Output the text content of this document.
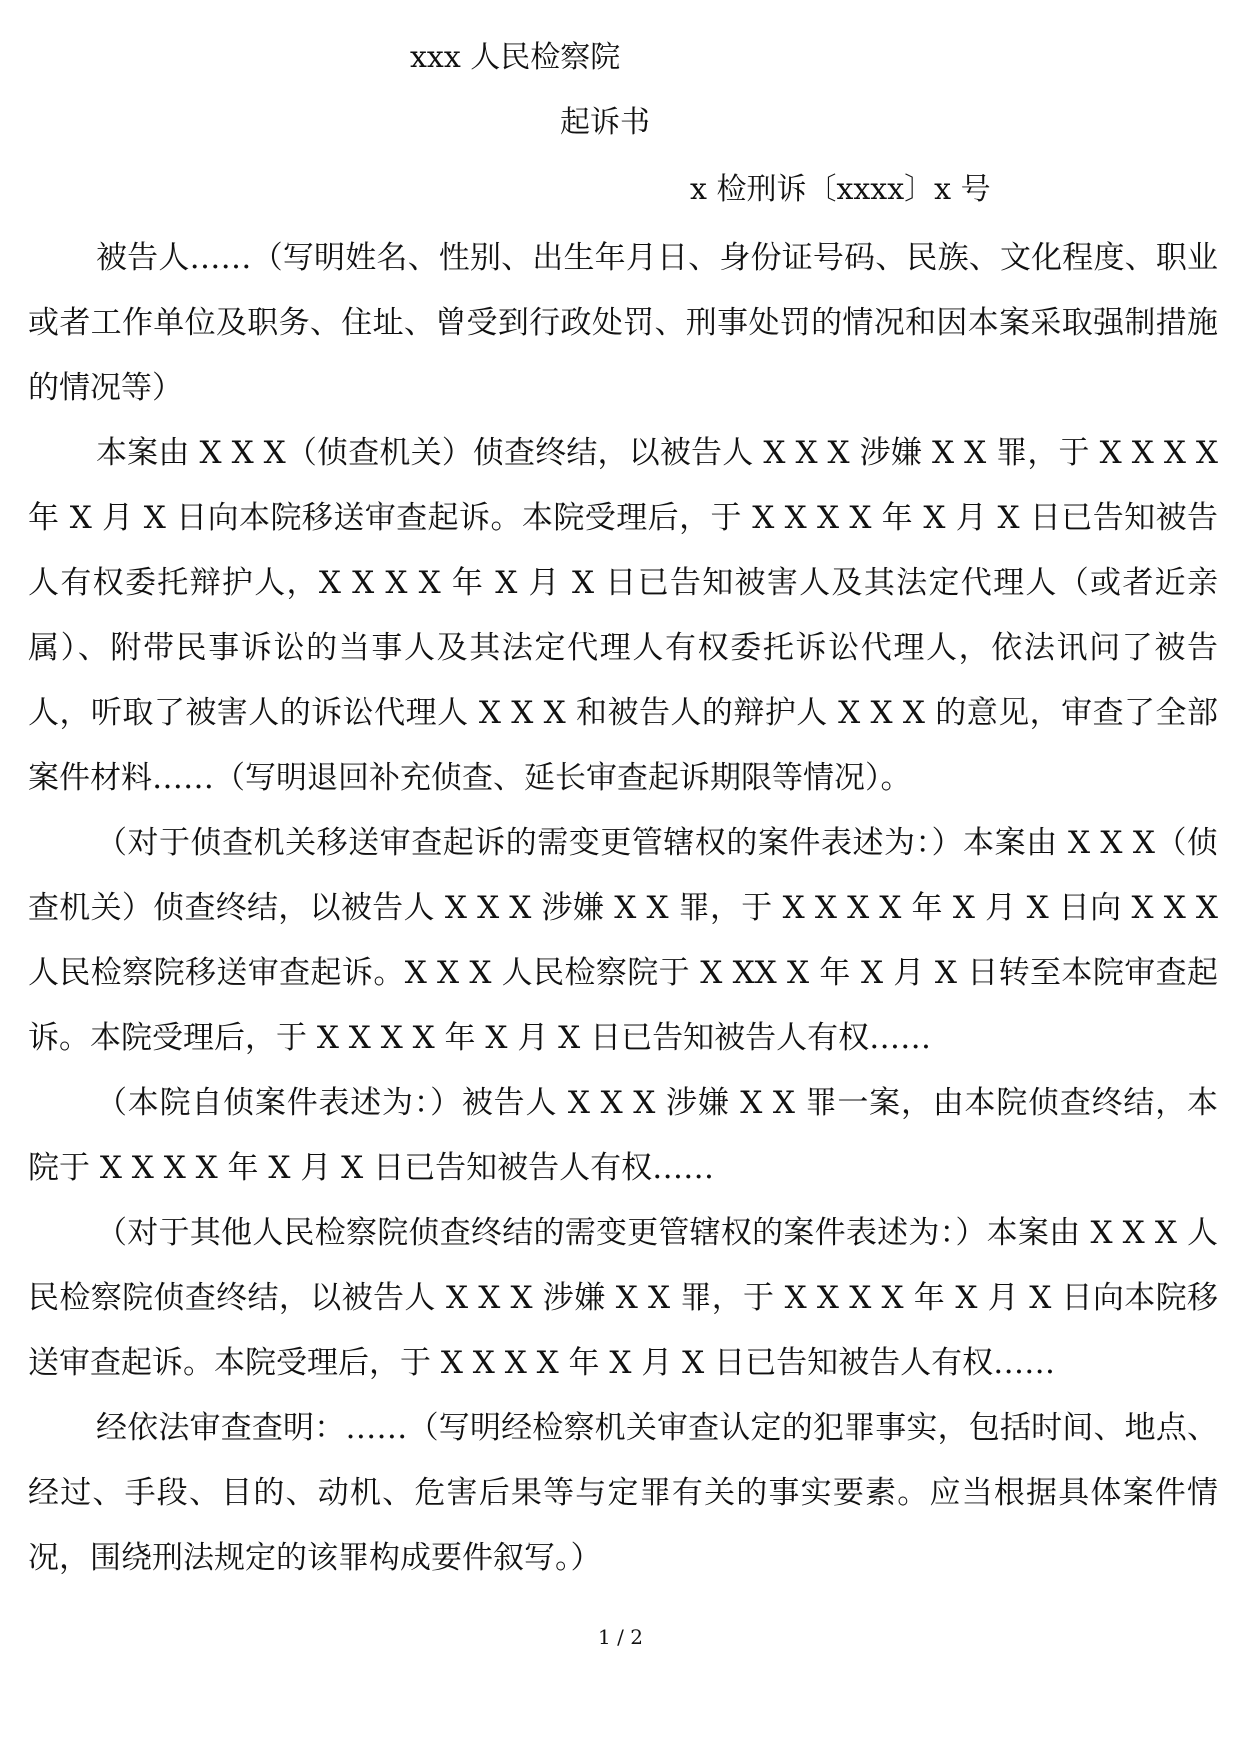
xxx 人民检察院
起诉书
x 检刑诉〔xxxx〕x 号

被告人……（写明姓名、性别、出生年月日、身份证号码、民族、文化程度、职业或者工作单位及职务、住址、曾受到行政处罚、刑事处罚的情况和因本案采取强制措施的情况等）

本案由 X X X（侦查机关）侦查终结，以被告人 X X X 涉嫌 X X 罪，于 X X X X 年 X 月 X 日向本院移送审查起诉。本院受理后，于 X X X X 年 X 月 X 日已告知被告人有权委托辩护人，X X X X 年 X 月 X 日已告知被害人及其法定代理人（或者近亲属）、附带民事诉讼的当事人及其法定代理人有权委托诉讼代理人，依法讯问了被告人，听取了被害人的诉讼代理人 X X X 和被告人的辩护人 X X X 的意见，审查了全部案件材料……（写明退回补充侦查、延长审查起诉期限等情况）。

（对于侦查机关移送审查起诉的需变更管辖权的案件表述为：）本案由 X X X（侦查机关）侦查终结，以被告人 X X X 涉嫌 X X 罪，于 X X X X 年 X 月 X 日向 X X X 人民检察院移送审查起诉。X X X 人民检察院于 X XX X 年 X 月 X 日转至本院审查起诉。本院受理后，于 X X X X 年 X 月 X 日已告知被告人有权……

（本院自侦案件表述为：）被告人 X X X 涉嫌 X X 罪一案，由本院侦查终结，本院于 X X X X 年 X 月 X 日已告知被告人有权……

（对于其他人民检察院侦查终结的需变更管辖权的案件表述为：）本案由 X X X 人民检察院侦查终结，以被告人 X X X 涉嫌 X X 罪，于 X X X X 年 X 月 X 日向本院移送审查起诉。本院受理后，于 X X X X 年 X 月 X 日已告知被告人有权……

经依法审查查明：……（写明经检察机关审查认定的犯罪事实，包括时间、地点、经过、手段、目的、动机、危害后果等与定罪有关的事实要素。应当根据具体案件情况，围绕刑法规定的该罪构成要件叙写。）

1 / 2
